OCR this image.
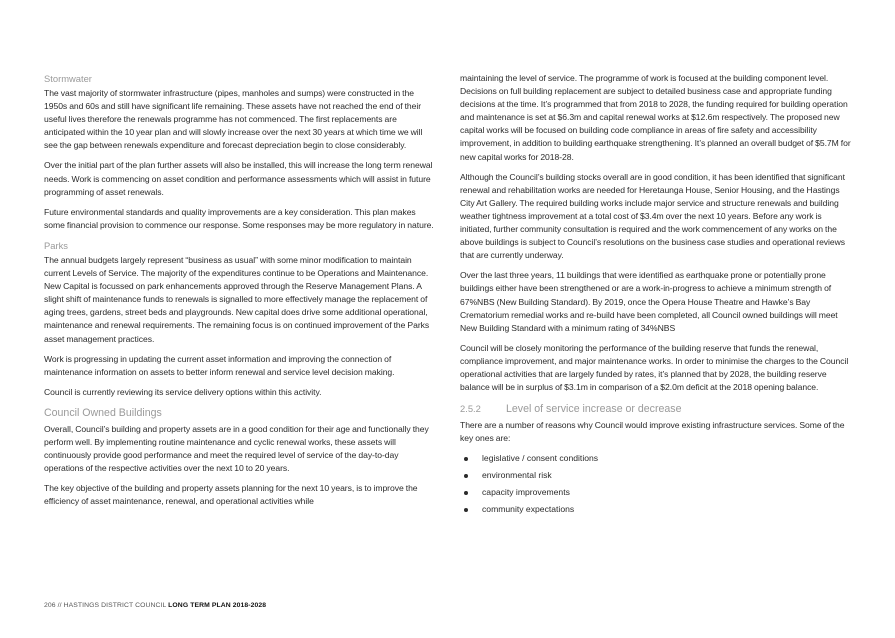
Stormwater

The vast majority of stormwater infrastructure (pipes, manholes and sumps) were constructed in the 1950s and 60s and still have significant life remaining. These assets have not reached the end of their useful lives therefore the renewals programme has not commenced. The first replacements are anticipated within the 10 year plan and will slowly increase over the next 30 years at which time we will see the gap between renewals expenditure and forecast depreciation begin to close considerably.

Over the initial part of the plan further assets will also be installed, this will increase the long term renewal needs. Work is commencing on asset condition and performance assessments which will assist in future programming of asset renewals.

Future environmental standards and quality improvements are a key consideration. This plan makes some financial provision to commence our response. Some responses may be more regulatory in nature.

Parks

The annual budgets largely represent “business as usual” with some minor modification to maintain current Levels of Service. The majority of the expenditures continue to be Operations and Maintenance. New Capital is focussed on park enhancements approved through the Reserve Management Plans. A slight shift of maintenance funds to renewals is signalled to more effectively manage the replacement of aging trees, gardens, street beds and playgrounds. New capital does drive some additional operational, maintenance and renewal requirements. The remaining focus is on continued improvement of the Parks asset management practices.

Work is progressing in updating the current asset information and improving the connection of maintenance information on assets to better inform renewal and service level decision making.

Council is currently reviewing its service delivery options within this activity.

Council Owned Buildings

Overall, Council’s building and property assets are in a good condition for their age and functionally they perform well. By implementing routine maintenance and cyclic renewal works, these assets will continuously provide good performance and meet the required level of service of the day-to-day operations of the respective activities over the next 10 to 20 years.

The key objective of the building and property assets planning for the next 10 years, is to improve the efficiency of asset maintenance, renewal, and operational activities while

maintaining the level of service. The programme of work is focused at the building component level. Decisions on full building replacement are subject to detailed business case and appropriate funding decisions at the time. It’s programmed that from 2018 to 2028, the funding required for building operation and maintenance is set at $6.3m and capital renewal works at $12.6m respectively. The proposed new capital works will be focused on building code compliance in areas of fire safety and accessibility improvement, in addition to building earthquake strengthening. It’s planned an overall budget of $5.7M for new capital works for 2018-28.

Although the Council’s building stocks overall are in good condition, it has been identified that significant renewal and rehabilitation works are needed for Heretaunga House, Senior Housing, and the Hastings City Art Gallery. The required building works include major service and structure renewals and building weather tightness improvement at a total cost of $3.4m over the next 10 years. Before any work is initiated, further community consultation is required and the work commencement of any works on the above buildings is subject to Council’s resolutions on the business case studies and operational reviews that are currently underway.

Over the last three years, 11 buildings that were identified as earthquake prone or potentially prone buildings either have been strengthened or are a work-in-progress to achieve a minimum strength of 67%NBS (New Building Standard). By 2019, once the Opera House Theatre and Hawke’s Bay Crematorium remedial works and re-build have been completed, all Council owned buildings will meet New Building Standard with a minimum rating of 34%NBS

Council will be closely monitoring the performance of the building reserve that funds the renewal, compliance improvement, and major maintenance works. In order to minimise the charges to the Council operational activities that are largely funded by rates, it’s planned that by 2028, the building reserve balance will be in surplus of $3.1m in comparison of a $2.0m deficit at the 2018 opening balance.

2.5.2	Level of service increase or decrease

There are a number of reasons why Council would improve existing infrastructure services. Some of the key ones are:

legislative / consent conditions
environmental risk
capacity improvements
community expectations
206 // HASTINGS DISTRICT COUNCIL LONG TERM PLAN 2018-2028
